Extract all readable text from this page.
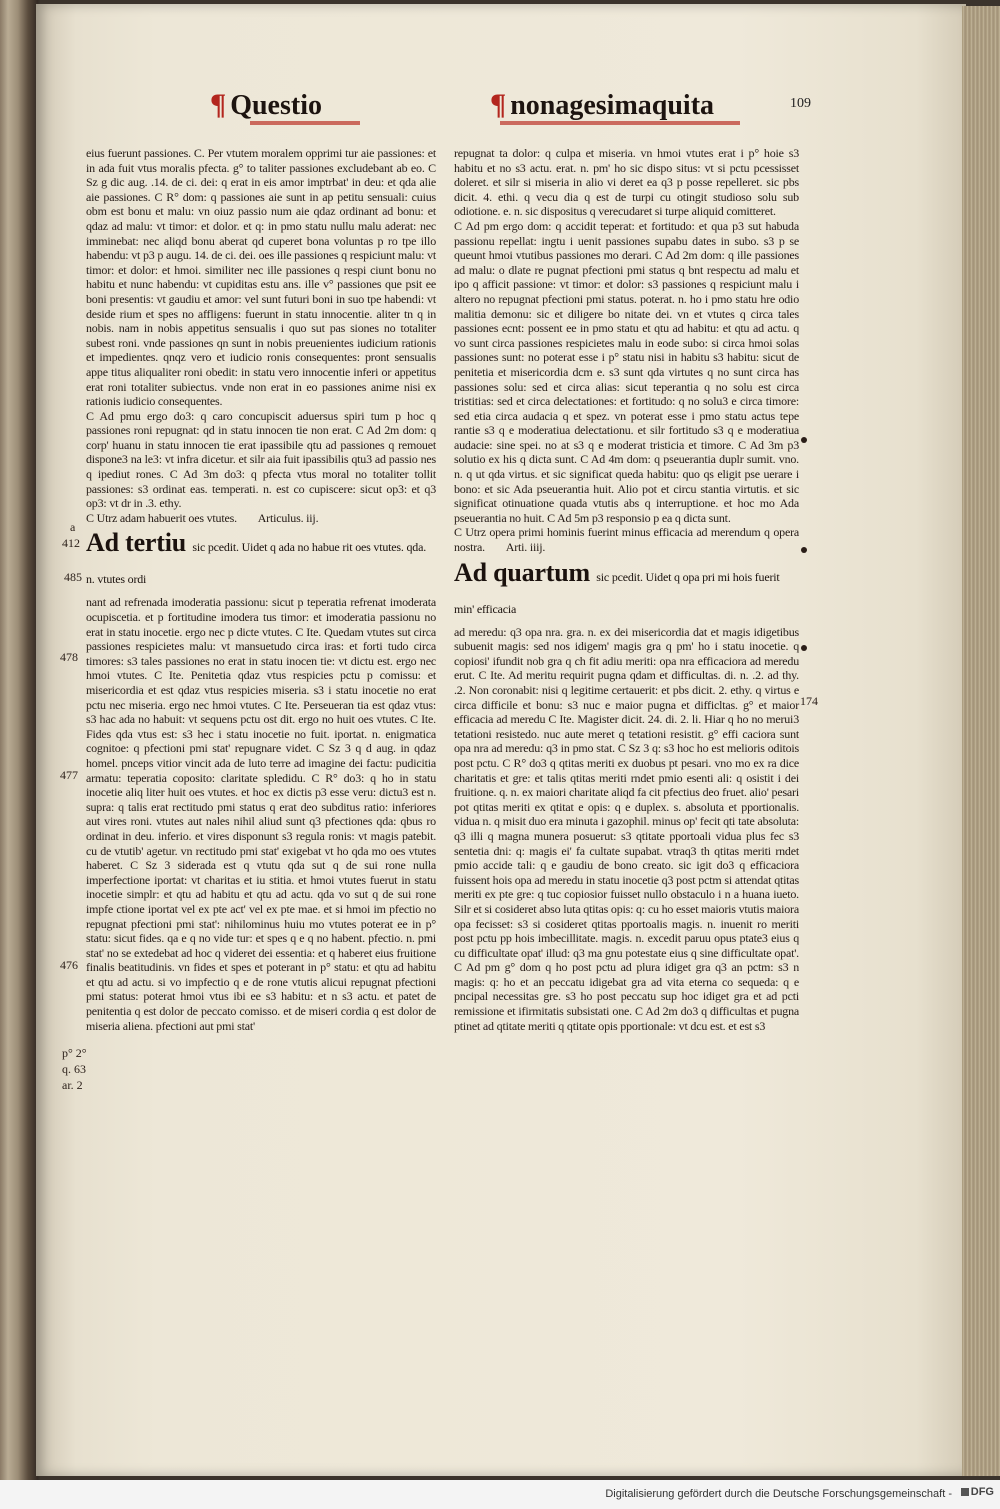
¶ Questio	¶ nonagesimaquita	109

eius fuerunt passiones. C. Per vtutem moralem opprimi tur aie passiones: et in ada fuit vtus moralis pfecta. g° to taliter passiones excludebant ab eo. C Sz g dic aug. .14. de ci. dei: q erat in eis amor imptrbat' in deu: et qda alie aie passiones. C R° dom: q passiones aie sunt in ap petitu sensuali: cuius obm est bonu et malu: vn oiuz passio num aie qdaz ordinant ad bonu: et qdaz ad malu: vt timor: et dolor. et q: in pmo statu nullu malu aderat: nec imminebat: nec aliqd bonu aberat qd cuperet bona voluntas p ro tpe illo habendu: vt p3 p augu. 14. de ci. dei. oes ille passiones q respiciunt malu: vt timor: et dolor: et hmoi. similiter nec ille passiones q respi ciunt bonu no habitu et nunc habendu: vt cupiditas estu ans. ille v° passiones que psit ee boni presentis: vt gaudiu et amor: vel sunt futuri boni in suo tpe habendi: vt deside rium et spes no affligens: fuerunt in statu innocentie. aliter tn q in nobis. nam in nobis appetitus sensualis i quo sut pas siones no totaliter subest roni. vnde passiones qn sunt in nobis preuenientes iudicium rationis et impedientes. qnqz vero et iudicio ronis consequentes: pront sensualis appe titus aliqualiter roni obedit: in statu vero innocentie inferi or appetitus erat roni totaliter subiectus. vnde non erat in eo passiones anime nisi ex rationis iudicio consequentes.

C Ad pmu ergo do3: q caro concupiscit aduersus spiri tum p hoc q passiones roni repugnat: qd in statu innocen tie non erat. C Ad 2m dom: q corp' huanu in statu innocen tie erat ipassibile qtu ad passiones q remouet dispone3 na le3: vt infra dicetur. et silr aia fuit ipassibilis qtu3 ad passio nes q ipediut rones. C Ad 3m do3: q pfecta vtus moral no totaliter tollit passiones: s3 ordinat eas. temperati. n. est co cupiscere: sicut op3: et q3 op3: vt dr in .3. ethy.

C Utrz adam habuerit oes vtutes. Articulus. iij.

Ad tertiu sic pcedit. Uidet q ada no habue rit oes vtutes. qda. n. vtutes ordi

nant ad refrenada imoderatia passionu: sicut p teperatia refrenat imoderata ocupiscetia. et p fortitudine imodera tus timor: et imoderatia passionu no erat in statu inocetie. ergo nec p dicte vtutes. C Ite. Quedam vtutes sut circa passiones respicietes malu: vt mansuetudo circa iras: et forti tudo circa timores: s3 tales passiones no erat in statu inocen tie: vt dictu est. ergo nec hmoi vtutes. C Ite. Penitetia qdaz vtus respicies pctu p comissu: et misericordia et est qdaz vtus respicies miseria. s3 i statu inocetie no erat pctu nec miseria. ergo nec hmoi vtutes. C Ite. Perseueran tia est qdaz vtus: s3 hac ada no habuit: vt sequens pctu ost dit. ergo no huit oes vtutes. C Ite. Fides qda vtus est: s3 hec i statu inocetie no fuit. iportat. n. enigmatica cognitoe: q pfectioni pmi stat' repugnare videt. C Sz 3 q d aug. in qdaz homel. pnceps vitior vincit ada de luto terre ad imagine dei factu: pudicitia armatu: teperatia coposito: claritate spledidu. C R° do3: q ho in statu inocetie aliq liter huit oes vtutes. et hoc ex dictis p3 esse veru: dictu3 est n. supra: q talis erat rectitudo pmi status q erat deo subditus ratio: inferiores aut vires roni. vtutes aut nales nihil aliud sunt q3 pfectiones qda: qbus ro ordinat in deu. inferio. et vires disponunt s3 regula ronis: vt magis patebit. cu de vtutib' agetur. vn rectitudo pmi stat' exigebat vt ho qda mo oes vtutes haberet. C Sz 3 siderada est q vtutu qda sut q de sui rone nulla imperfectione iportat: vt charitas et iu stitia. et hmoi vtutes fuerut in statu inocetie simplr: et qtu ad habitu et qtu ad actu. qda vo sut q de sui rone impfe ctione iportat vel ex pte act' vel ex pte mae. et si hmoi im pfectio no repugnat pfectioni pmi stat': nihilominus huiu mo vtutes poterat ee in p° statu: sicut fides. qa e q no vide tur: et spes q e q no habent. pfectio. n. pmi stat' no se extedebat ad hoc q videret dei essentia: et q haberet eius fruitione finalis beatitudinis. vn fides et spes et poterant in p° statu: et qtu ad habitu et qtu ad actu. si vo impfectio q e de rone vtutis alicui repugnat pfectioni pmi status: poterat hmoi vtus ibi ee s3 habitu: et n s3 actu. et patet de penitentia q est dolor de peccato comisso. et de miseri cordia q est dolor de miseria aliena. pfectioni aut pmi stat'

repugnat ta dolor: q culpa et miseria. vn hmoi vtutes erat i p° hoie s3 habitu et no s3 actu. erat. n. pm' ho sic dispo situs: vt si pctu pcessisset doleret. et silr si miseria in alio vi deret ea q3 p posse repelleret. sic pbs dicit. 4. ethi. q vecu dia q est de turpi cu otingit studioso solu sub odiotione. e. n. sic dispositus q verecudaret si turpe aliquid comitteret.

C Ad pm ergo dom: q accidit teperat: et fortitudo: et qua p3 sut habuda passionu repellat: ingtu i uenit passiones supabu dates in subo. s3 p se queunt hmoi vtutibus passiones mo derari. C Ad 2m dom: q ille passiones ad malu: o dlate re pugnat pfectioni pmi status q bnt respectu ad malu et ipo q afficit passione: vt timor: et dolor: s3 passiones q respiciunt malu i altero no repugnat pfectioni pmi status. poterat. n. ho i pmo statu hre odio malitia demonu: sic et diligere bo nitate dei. vn et vtutes q circa tales passiones ecnt: possent ee in pmo statu et qtu ad habitu: et qtu ad actu. q vo sunt circa passiones respicietes malu in eode subo: si circa hmoi solas passiones sunt: no poterat esse i p° statu nisi in habitu s3 habitu: sicut de penitetia et misericordia dcm e. s3 sunt qda virtutes q no sunt circa has passiones solu: sed et circa alias: sicut teperantia q no solu est circa tristitias: sed et circa delectationes: et fortitudo: q no solu3 e circa timore: sed etia circa audacia q et spez. vn poterat esse i pmo statu actus tepe rantie s3 q e moderatiua delectationu. et silr fortitudo s3 q e moderatiua audacie: sine spei. no at s3 q e moderat tristicia et timore. C Ad 3m p3 solutio ex his q dicta sunt. C Ad 4m dom: q pseuerantia duplr sumit. vno. n. q ut qda virtus. et sic significat queda habitu: quo qs eligit pse uerare i bono: et sic Ada pseuerantia huit. Alio pot et circu stantia virtutis. et sic significat otinuatione quada vtutis abs q interruptione. et hoc mo Ada pseuerantia no huit. C Ad 5m p3 responsio p ea q dicta sunt.

C Utrz opera primi hominis fuerint minus efficacia ad merendum q opera nostra. Arti. iiij.

Ad quartum sic pcedit. Uidet q opa pri mi hois fuerit min' efficacia

ad meredu: q3 opa nra. gra. n. ex dei misericordia dat et magis idigetibus subuenit magis: sed nos idigem' magis gra q pm' ho i statu inocetie. q copiosi' ifundit nob gra q ch fit adiu meriti: opa nra efficaciora ad meredu erut. C Ite. Ad meritu requirit pugna qdam et difficultas. di. n. .2. ad thy. .2. Non coronabit: nisi q legitime certauerit: et pbs dicit. 2. ethy. q virtus e circa difficile et bonu: s3 nuc e maior pugna et difficltas. g° et maior efficacia ad meredu C Ite. Magister dicit. 24. di. 2. li. Hiar q ho no merui3 tetationi resistedo. nuc aute meret q tetationi resistit. g° effi caciora sunt opa nra ad meredu: q3 in pmo stat. C Sz 3 q: s3 hoc ho est melioris oditois post pctu. C R° do3 q qtitas meriti ex duobus pt pesari. vno mo ex ra dice charitatis et gre: et talis qtitas meriti rndet pmio esenti ali: q osistit i dei fruitione. q. n. ex maiori charitate aliqd fa cit pfectius deo fruet. alio' pesari pot qtitas meriti ex qtitat e opis: q e duplex. s. absoluta et pportionalis. vidua n. q misit duo era minuta i gazophil. minus op' fecit qti tate absoluta: q3 illi q magna munera posuerut: s3 qtitate pportoali vidua plus fec s3 sentetia dni: q: magis ei' fa cultate supabat. vtraq3 th qtitas meriti rndet pmio accide tali: q e gaudiu de bono creato. sic igit do3 q efficaciora fuissent hois opa ad meredu in statu inocetie q3 post pctm si attendat qtitas meriti ex pte gre: q tuc copiosior fuisset nullo obstaculo i n a huana iueto. Silr et si cosideret abso luta qtitas opis: q: cu ho esset maioris vtutis maiora opa fecisset: s3 si cosideret qtitas pportoalis magis. n. inuenit ro meriti post pctu pp hois imbecillitate. magis. n. excedit paruu opus ptate3 eius q cu difficultate opat' illud: q3 ma gnu potestate eius q sine difficultate opat'. C Ad pm g° dom q ho post pctu ad plura idiget gra q3 an pctm: s3 n magis: q: ho et an peccatu idigebat gra ad vita eterna co sequeda: q e pncipal necessitas gre. s3 ho post peccatu sup hoc idiget gra et ad pcti remissione et ifirmitatis subsistati one. C Ad 2m do3 q difficultas et pugna ptinet ad qtitate meriti q qtitate opis pportionale: vt dcu est. et est s3

a
412
485
478
477
476
p° 2°
q. 63
ar. 2
174
Digitalisierung gefördert durch die Deutsche Forschungsgemeinschaft -	DFG
